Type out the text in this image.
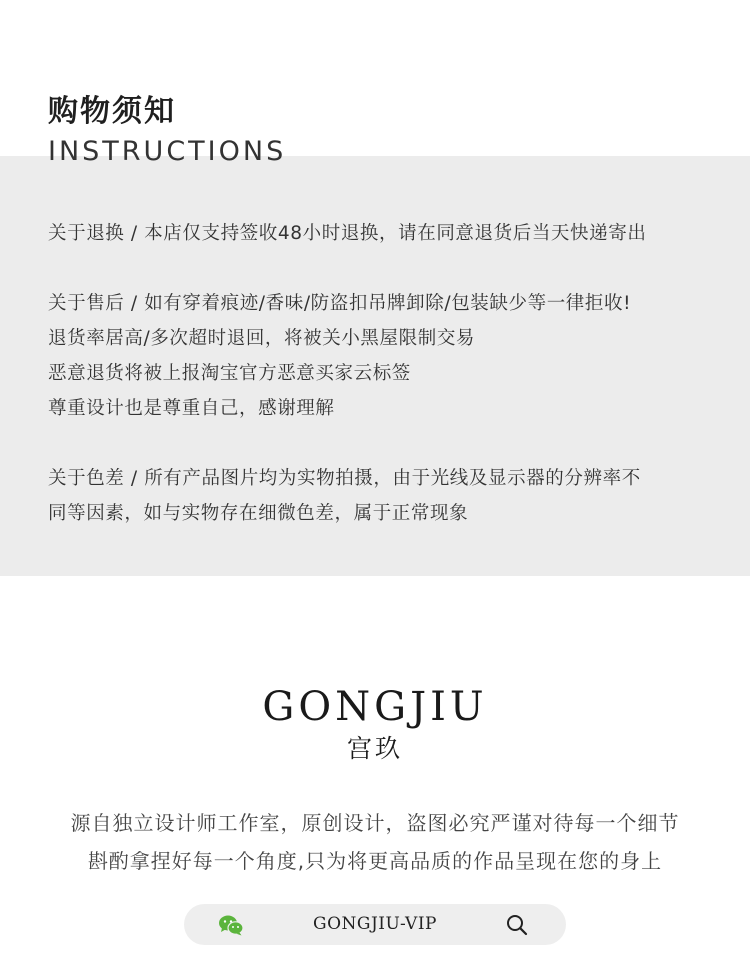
购物须知
INSTRUCTIONS
关于退换 / 本店仅支持签收48小时退换，请在同意退货后当天快递寄出
关于售后 / 如有穿着痕迹/香味/防盗扣吊牌卸除/包装缺少等一律拒收!
退货率居高/多次超时退回，将被关小黑屋限制交易
恶意退货将被上报淘宝官方恶意买家云标签
尊重设计也是尊重自己，感谢理解
关于色差 / 所有产品图片均为实物拍摄，由于光线及显示器的分辨率不
同等因素，如与实物存在细微色差，属于正常现象
GONGJIU
宫玖
源自独立设计师工作室，原创设计，盗图必究严谨对待每一个细节
斟酌拿捏好每一个角度,只为将更高品质的作品呈现在您的身上
GONGJIU-VIP
